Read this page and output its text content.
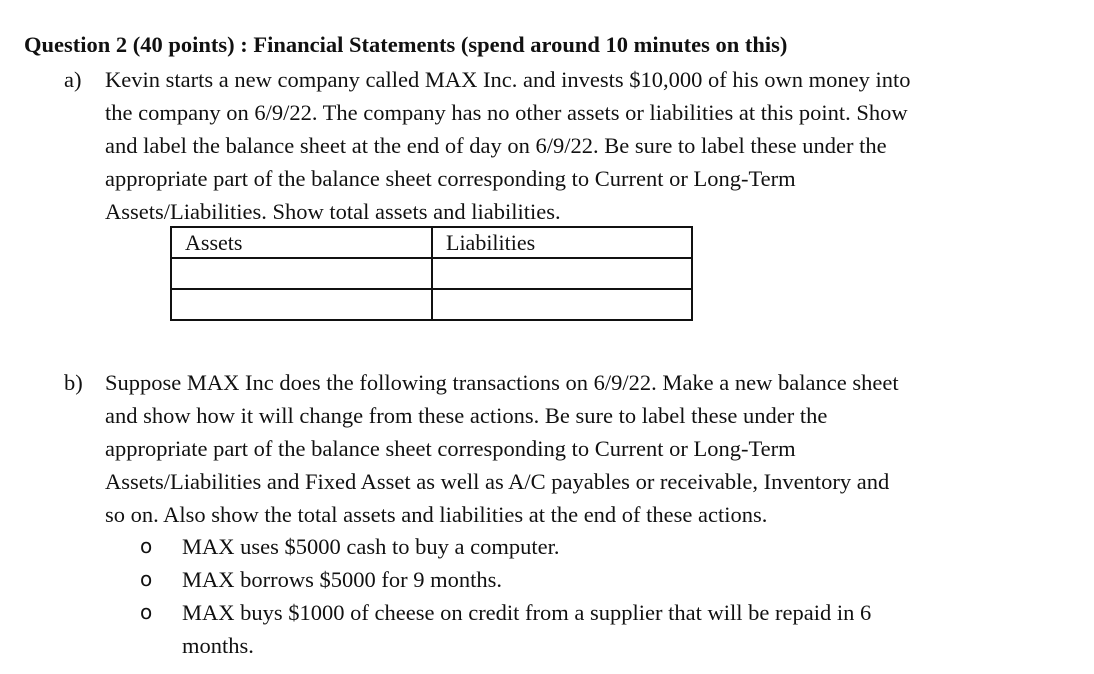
Question 2 (40 points) : Financial Statements (spend around 10 minutes on this)
a) Kevin starts a new company called MAX Inc. and invests $10,000 of his own money into
the company on 6/9/22. The company has no other assets or liabilities at this point. Show
and label the balance sheet at the end of day on 6/9/22. Be sure to label these under the
appropriate part of the balance sheet corresponding to Current or Long-Term
Assets/Liabilities. Show total assets and liabilities.
Assets	Liabilities

b) Suppose MAX Inc does the following transactions on 6/9/22. Make a new balance sheet
and show how it will change from these actions. Be sure to label these under the
appropriate part of the balance sheet corresponding to Current or Long-Term
Assets/Liabilities and Fixed Asset as well as A/C payables or receivable, Inventory and
so on. Also show the total assets and liabilities at the end of these actions.
o MAX uses $5000 cash to buy a computer.
o MAX borrows $5000 for 9 months.
o MAX buys $1000 of cheese on credit from a supplier that will be repaid in 6
months.
